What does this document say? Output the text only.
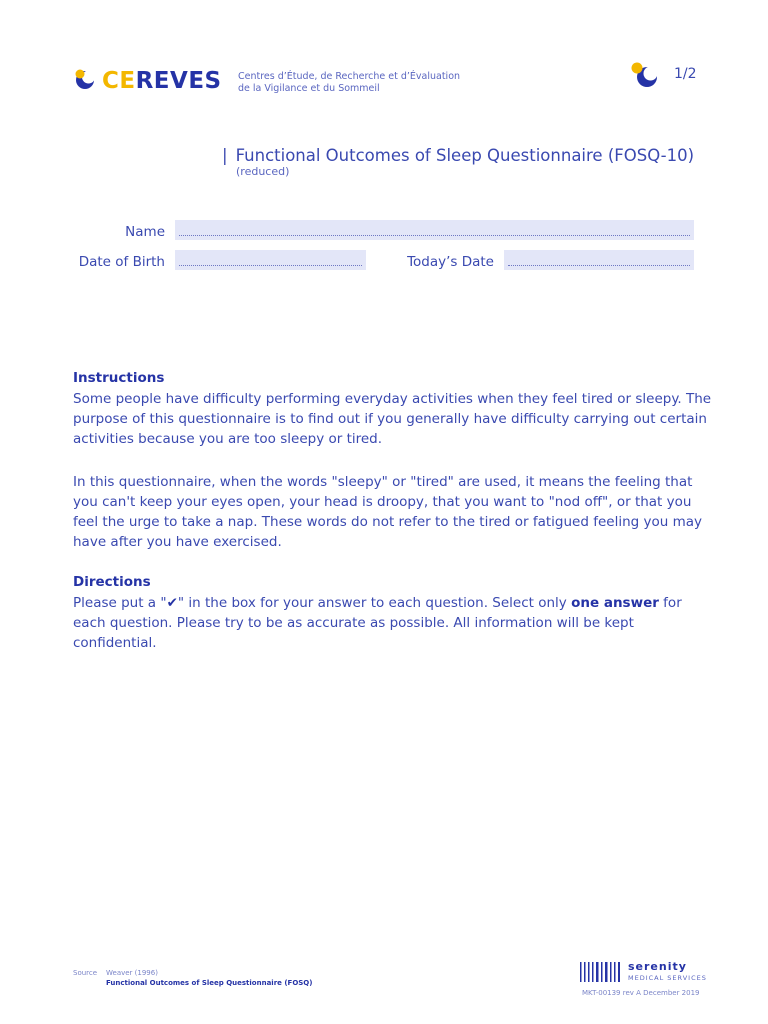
CEREVES Centres d’Étude, de Recherche et d’Évaluation
de la Vigilance et du Sommeil
1/2
| Functional Outcomes of Sleep Questionnaire (FOSQ-10)
(reduced)
Name
Date of Birth	Today’s Date
Instructions
Some people have difficulty performing everyday activities when they feel tired or sleepy. The purpose of this questionnaire is to find out if you generally have difficulty carrying out certain activities because you are too sleepy or tired.
In this questionnaire, when the words "sleepy" or "tired" are used, it means the feeling that you can't keep your eyes open, your head is droopy, that you want to "nod off", or that you feel the urge to take a nap. These words do not refer to the tired or fatigued feeling you may have after you have exercised.
Directions
Please put a "✔" in the box for your answer to each question. Select only one answer for each question. Please try to be as accurate as possible. All information will be kept confidential.
Source Weaver (1996)
Functional Outcomes of Sleep Questionnaire (FOSQ)
serenity
MEDICAL SERVICES
MKT-00139 rev A December 2019
